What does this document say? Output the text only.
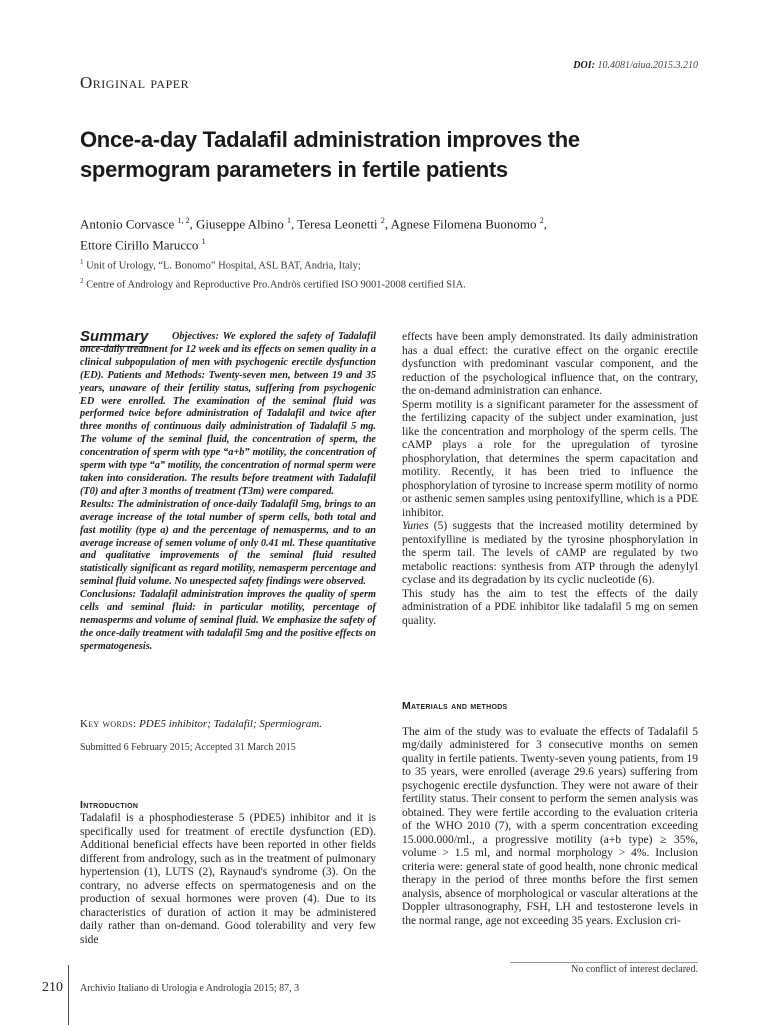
DOI: 10.4081/aiua.2015.3.210
Original paper
Once-a-day Tadalafil administration improves the spermogram parameters in fertile patients
Antonio Corvasce $^{1, 2}$, Giuseppe Albino $^1$, Teresa Leonetti $^2$, Agnese Filomena Buonomo $^2$,
Ettore Cirillo Marucco $^1$
$^1$ Unit of Urology, “L. Bonomo” Hospital, ASL BAT, Andria, Italy;
$^2$ Centre of Andrology and Reproductive Pro.Andròs certified ISO 9001-2008 certified SIA.
Summary	Objectives: We explored the safety of Tadalafil once-daily treatment for 12 week and its effects on semen quality in a clinical subpopulation of men with psychogenic erectile dysfunction (ED). Patients and Methods: Twenty-seven men, between 19 and 35 years, unaware of their fertility status, suffering from psychogenic ED were enrolled. The examination of the seminal fluid was performed twice before administration of Tadalafil and twice after three months of continuous daily administration of Tadalafil 5 mg. The volume of the seminal fluid, the concentration of sperm, the concentration of sperm with type “a+b” motility, the concentration of sperm with type “a” motility, the concentration of normal sperm were taken into consideration. The results before treatment with Tadalafil (T0) and after 3 months of treatment (T3m) were compared.
Results: The administration of once-daily Tadalafil 5mg, brings to an average increase of the total number of sperm cells, both total and fast motility (type a) and the percentage of nemasperms, and to an average increase of semen volume of only 0.41 ml. These quantitative and qualitative improvements of the seminal fluid resulted statistically significant as regard motility, nemasperm percentage and seminal fluid volume. No unespected safety findings were observed.
Conclusions: Tadalafil administration improves the quality of sperm cells and seminal fluid: in particular motility, percentage of nemasperms and volume of seminal fluid. We emphasize the safety of the once-daily treatment with tadalafil 5mg and the positive effects on spermatogenesis.
Key words: PDE5 inhibitor; Tadalafil; Spermiogram.
Submitted 6 February 2015; Accepted 31 March 2015
Introduction

Tadalafil is a phosphodiesterase 5 (PDE5) inhibitor and it is specifically used for treatment of erectile dysfunction (ED). Additional beneficial effects have been reported in other fields different from andrology, such as in the treatment of pulmonary hypertension (1), LUTS (2), Raynaud's syndrome (3). On the contrary, no adverse effects on spermatogenesis and on the production of sexual hormones were proven (4). Due to its characteristics of duration of action it may be administered daily rather than on-demand. Good tolerability and very few side

effects have been amply demonstrated. Its daily administration has a dual effect: the curative effect on the organic erectile dysfunction with predominant vascular component, and the reduction of the psychological influence that, on the contrary, the on-demand administration can enhance.

Sperm motility is a significant parameter for the assessment of the fertilizing capacity of the subject under examination, just like the concentration and morphology of the sperm cells. The cAMP plays a role for the upregulation of tyrosine phosphorylation, that determines the sperm capacitation and motility. Recently, it has been tried to influence the phosphorylation of tyrosine to increase sperm motility of normo or asthenic semen samples using pentoxifylline, which is a PDE inhibitor.

Yunes (5) suggests that the increased motility determined by pentoxifylline is mediated by the tyrosine phosphorylation in the sperm tail. The levels of cAMP are regulated by two metabolic reactions: synthesis from ATP through the adenylyl cyclase and its degradation by its cyclic nucleotide (6).

This study has the aim to test the effects of the daily administration of a PDE inhibitor like tadalafil 5 mg on semen quality.

Materials and methods

The aim of the study was to evaluate the effects of Tadalafil 5 mg/daily administered for 3 consecutive months on semen quality in fertile patients. Twenty-seven young patients, from 19 to 35 years, were enrolled (average 29.6 years) suffering from psychogenic erectile dysfunction. They were not aware of their fertility status. Their consent to perform the semen analysis was obtained. They were fertile according to the evaluation criteria of the WHO 2010 (7), with a sperm concentration exceeding 15.000.000/ml., a progressive motility (a+b type) ≥ 35%, volume > 1.5 ml, and normal morphology > 4%. Inclusion criteria were: general state of good health, none chronic medical therapy in the period of three months before the first semen analysis, absence of morphological or vascular alterations at the Doppler ultrasonography, FSH, LH and testosterone levels in the normal range, age not exceeding 35 years. Exclusion cri-

No conflict of interest declared.
210 Archivio Italiano di Urologia e Andrologia 2015; 87, 3
